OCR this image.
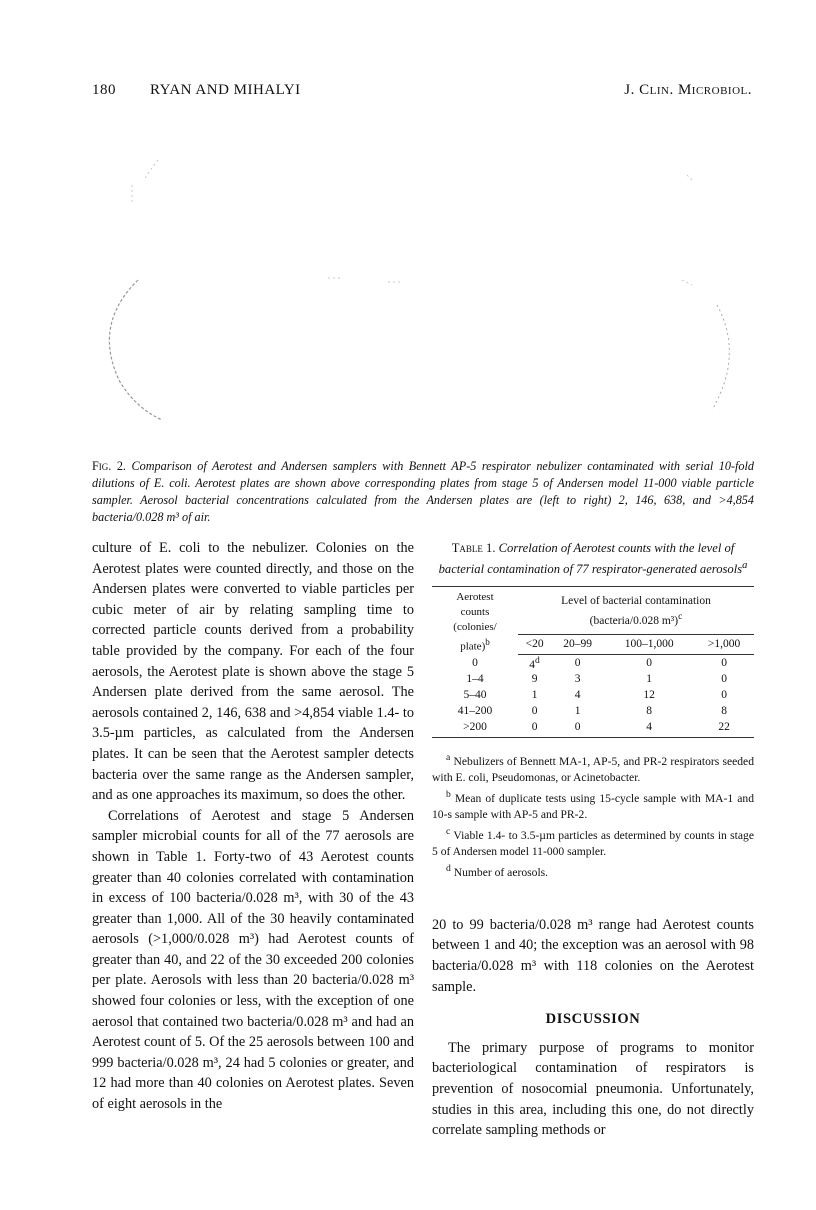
180 RYAN AND MIHALYI	J. Clin. Microbiol.
Fig. 2. Comparison of Aerotest and Andersen samplers with Bennett AP-5 respirator nebulizer contaminated with serial 10-fold dilutions of E. coli. Aerotest plates are shown above corresponding plates from stage 5 of Andersen model 11-000 viable particle sampler. Aerosol bacterial concentrations calculated from the Andersen plates are (left to right) 2, 146, 638, and >4,854 bacteria/0.028 m³ of air.

culture of E. coli to the nebulizer. Colonies on the Aerotest plates were counted directly, and those on the Andersen plates were converted to viable particles per cubic meter of air by relating sampling time to corrected particle counts derived from a probability table provided by the company. For each of the four aerosols, the Aerotest plate is shown above the stage 5 Andersen plate derived from the same aerosol. The aerosols contained 2, 146, 638 and >4,854 viable 1.4- to 3.5-µm particles, as calculated from the Andersen plates. It can be seen that the Aerotest sampler detects bacteria over the same range as the Andersen sampler, and as one approaches its maximum, so does the other.

Correlations of Aerotest and stage 5 Andersen sampler microbial counts for all of the 77 aerosols are shown in Table 1. Forty-two of 43 Aerotest counts greater than 40 colonies correlated with contamination in excess of 100 bacteria/0.028 m³, with 30 of the 43 greater than 1,000. All of the 30 heavily contaminated aerosols (>1,000/0.028 m³) had Aerotest counts of greater than 40, and 22 of the 30 exceeded 200 colonies per plate. Aerosols with less than 20 bacteria/0.028 m³ showed four colonies or less, with the exception of one aerosol that contained two bacteria/0.028 m³ and had an Aerotest count of 5. Of the 25 aerosols between 100 and 999 bacteria/0.028 m³, 24 had 5 colonies or greater, and 12 had more than 40 colonies on Aerotest plates. Seven of eight aerosols in the

Table 1. Correlation of Aerotest counts with the level of bacterial contamination of 77 respirator-generated aerosols$^a$
Aerotest
counts
(colonies/
plate)$^b$	Level of bacterial contamination
(bacteria/0.028 m³)$^c$
	<20	20–99	100–1,000	>1,000
0	4$^d$	0	0	0
1–4	9	3	1	0
5–40	1	4	12	0
41–200	0	1	8	8
>200	0	0	4	22

$^a$ Nebulizers of Bennett MA-1, AP-5, and PR-2 respirators seeded with E. coli, Pseudomonas, or Acinetobacter.

$^b$ Mean of duplicate tests using 15-cycle sample with MA-1 and 10-s sample with AP-5 and PR-2.

$^c$ Viable 1.4- to 3.5-µm particles as determined by counts in stage 5 of Andersen model 11-000 sampler.

$^d$ Number of aerosols.

20 to 99 bacteria/0.028 m³ range had Aerotest counts between 1 and 40; the exception was an aerosol with 98 bacteria/0.028 m³ with 118 colonies on the Aerotest sample.

DISCUSSION

The primary purpose of programs to monitor bacteriological contamination of respirators is prevention of nosocomial pneumonia. Unfortunately, studies in this area, including this one, do not directly correlate sampling methods or
